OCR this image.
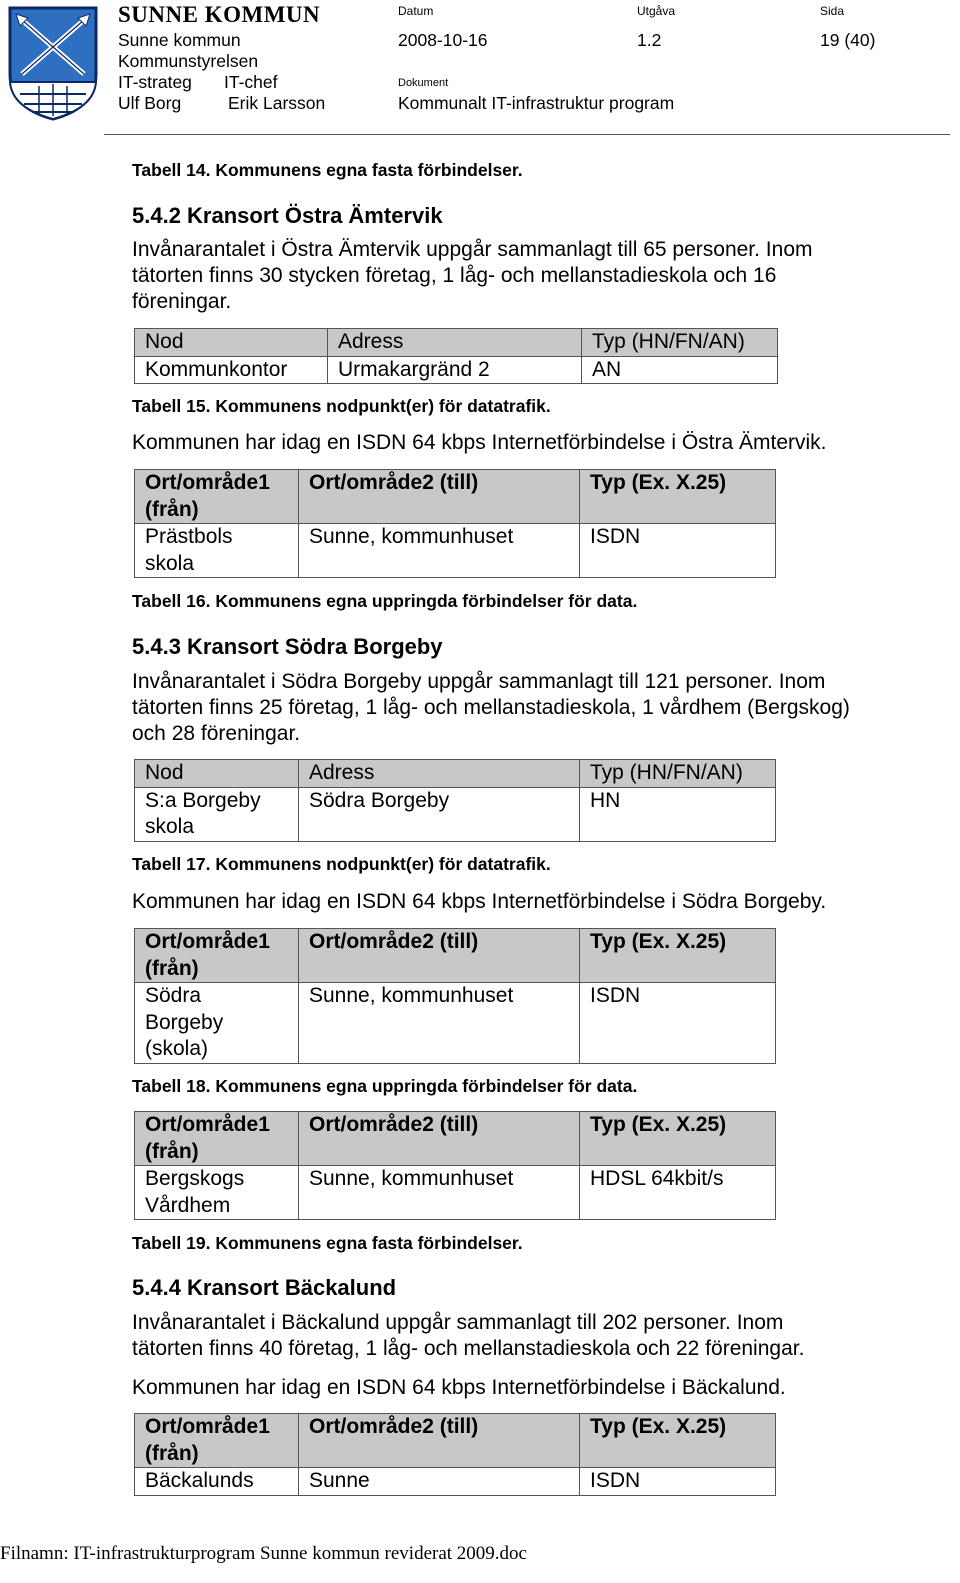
SUNNE KOMMUN
Sunne kommun
Kommunstyrelsen
IT-strateg IT-chef
Ulf Borg	Erik Larsson
Datum
2008-10-16
Utgåva
1.2
Sida
19 (40)
Dokument
Kommunalt IT-infrastruktur program
Tabell 14. Kommunens egna fasta förbindelser.
5.4.2 Kransort Östra Ämtervik
Invånarantalet i Östra Ämtervik uppgår sammanlagt till 65 personer. Inom
tätorten finns 30 stycken företag, 1 låg- och mellanstadieskola och 16
föreningar.
Nod	Adress	Typ (HN/FN/AN)
Kommunkontor	Urmakargränd 2	AN
Tabell 15. Kommunens nodpunkt(er) för datatrafik.
Kommunen har idag en ISDN 64 kbps Internetförbindelse i Östra Ämtervik.
Ort/område1
(från)	Ort/område2 (till)	Typ (Ex. X.25)
Prästbols
skola	Sunne, kommunhuset	ISDN
Tabell 16. Kommunens egna uppringda förbindelser för data.
5.4.3 Kransort Södra Borgeby
Invånarantalet i Södra Borgeby uppgår sammanlagt till 121 personer. Inom
tätorten finns 25 företag, 1 låg- och mellanstadieskola, 1 vårdhem (Bergskog)
och 28 föreningar.
Nod	Adress	Typ (HN/FN/AN)
S:a Borgeby
skola	Södra Borgeby	HN
Tabell 17. Kommunens nodpunkt(er) för datatrafik.
Kommunen har idag en ISDN 64 kbps Internetförbindelse i Södra Borgeby.
Ort/område1
(från)	Ort/område2 (till)	Typ (Ex. X.25)
Södra
Borgeby
(skola)	Sunne, kommunhuset	ISDN
Tabell 18. Kommunens egna uppringda förbindelser för data.
Ort/område1
(från)	Ort/område2 (till)	Typ (Ex. X.25)
Bergskogs
Vårdhem	Sunne, kommunhuset	HDSL 64kbit/s
Tabell 19. Kommunens egna fasta förbindelser.
5.4.4 Kransort Bäckalund
Invånarantalet i Bäckalund uppgår sammanlagt till 202 personer. Inom
tätorten finns 40 företag, 1 låg- och mellanstadieskola och 22 föreningar.
Kommunen har idag en ISDN 64 kbps Internetförbindelse i Bäckalund.
Ort/område1
(från)	Ort/område2 (till)	Typ (Ex. X.25)
Bäckalunds	Sunne	ISDN
Filnamn: IT-infrastrukturprogram Sunne kommun reviderat 2009.doc
